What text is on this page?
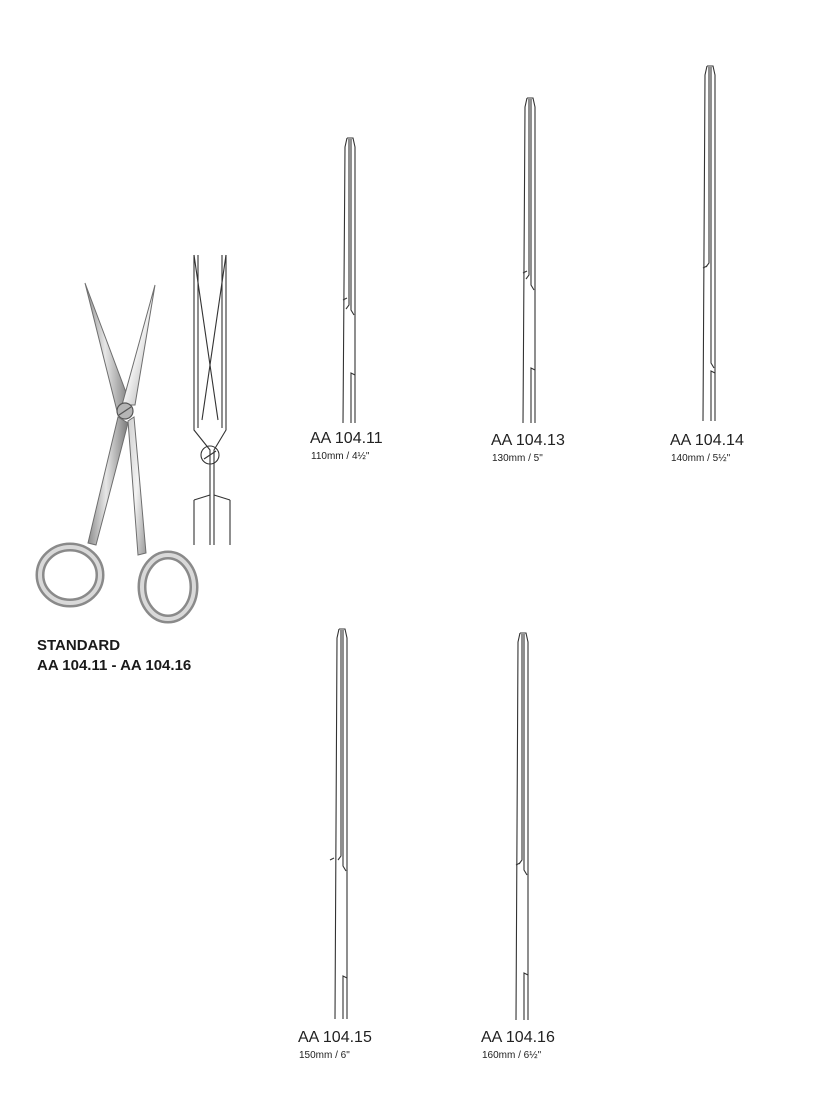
STANDARD
AA 104.11 - AA 104.16
AA 104.11
110mm / 4½"
AA 104.13
130mm / 5"
AA 104.14
140mm / 5½"
AA 104.15
150mm / 6"
AA 104.16
160mm / 6½"
